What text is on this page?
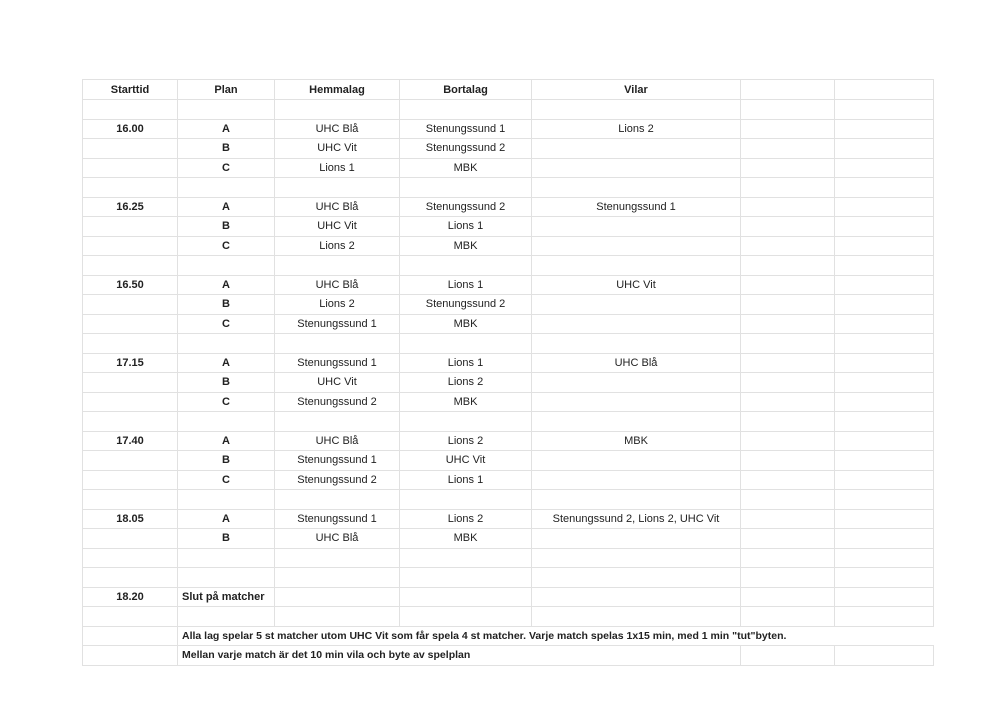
Starttid	Plan	Hemmalag	Bortalag	Vilar		

16.00	A	UHC Blå	Stenungssund 1	Lions 2		
	B	UHC Vit	Stenungssund 2			
	C	Lions 1	MBK			

16.25	A	UHC Blå	Stenungssund 2	Stenungssund 1		
	B	UHC Vit	Lions 1			
	C	Lions 2	MBK			

16.50	A	UHC Blå	Lions 1	UHC Vit		
	B	Lions 2	Stenungssund 2			
	C	Stenungssund 1	MBK			

17.15	A	Stenungssund 1	Lions 1	UHC Blå		
	B	UHC Vit	Lions 2			
	C	Stenungssund 2	MBK			

17.40	A	UHC Blå	Lions 2	MBK		
	B	Stenungssund 1	UHC Vit			
	C	Stenungssund 2	Lions 1			

18.05	A	Stenungssund 1	Lions 2	Stenungssund 2, Lions 2, UHC Vit		
	B	UHC Blå	MBK			

18.20	Slut på matcher					

	Alla lag spelar 5 st matcher utom UHC Vit som får spela 4 st matcher. Varje match spelas 1x15 min, med 1 min "tut"byten.					
	Mellan varje match är det 10 min vila och byte av spelplan					
